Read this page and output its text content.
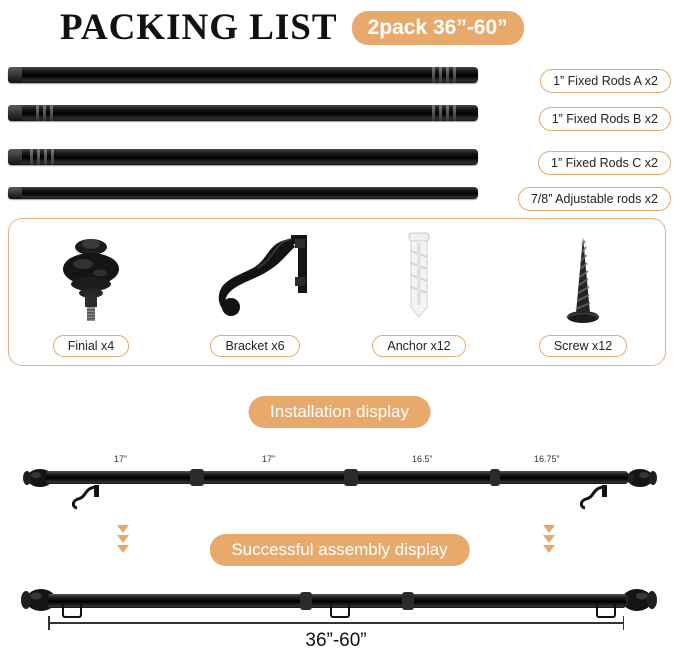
PACKING LIST	2pack 36”-60”
1” Fixed Rods A x2
1” Fixed Rods B x2
1” Fixed Rods C x2
7/8” Adjustable rods x2
Finial x4	Bracket x6	Anchor x12	Screw x12
Installation display
17”	17”	16.5”	16.75”
Successful assembly display
36”-60”
